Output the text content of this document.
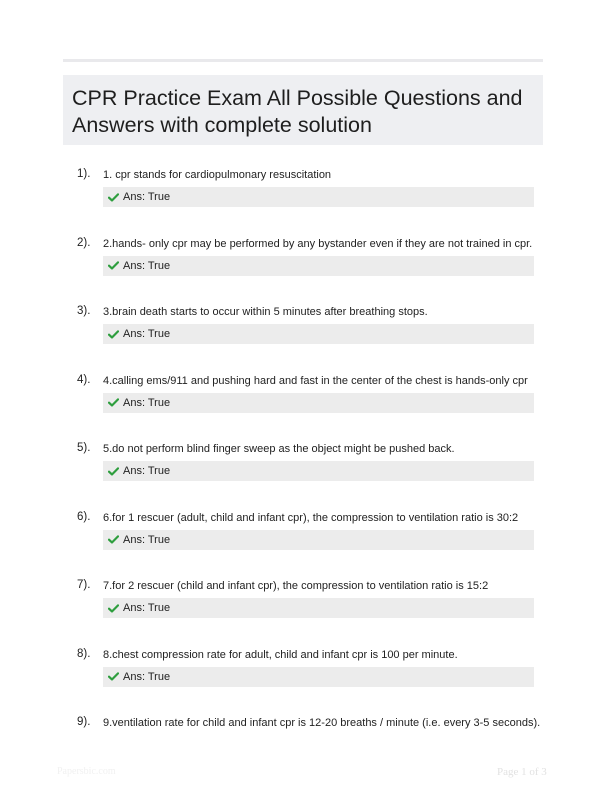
CPR Practice Exam All Possible Questions and Answers with complete solution
1). 1. cpr stands for cardiopulmonary resuscitation
Ans: True
2). 2.hands- only cpr may be performed by any bystander even if they are not trained in cpr.
Ans: True
3). 3.brain death starts to occur within 5 minutes after breathing stops.
Ans: True
4). 4.calling ems/911 and pushing hard and fast in the center of the chest is hands-only cpr
Ans: True
5). 5.do not perform blind finger sweep as the object might be pushed back.
Ans: True
6). 6.for 1 rescuer (adult, child and infant cpr), the compression to ventilation ratio is 30:2
Ans: True
7). 7.for 2 rescuer (child and infant cpr), the compression to ventilation ratio is 15:2
Ans: True
8). 8.chest compression rate for adult, child and infant cpr is 100 per minute.
Ans: True
9). 9.ventilation rate for child and infant cpr is 12-20 breaths / minute (i.e. every 3-5 seconds).
Papersbic.com	Page 1 of 3
